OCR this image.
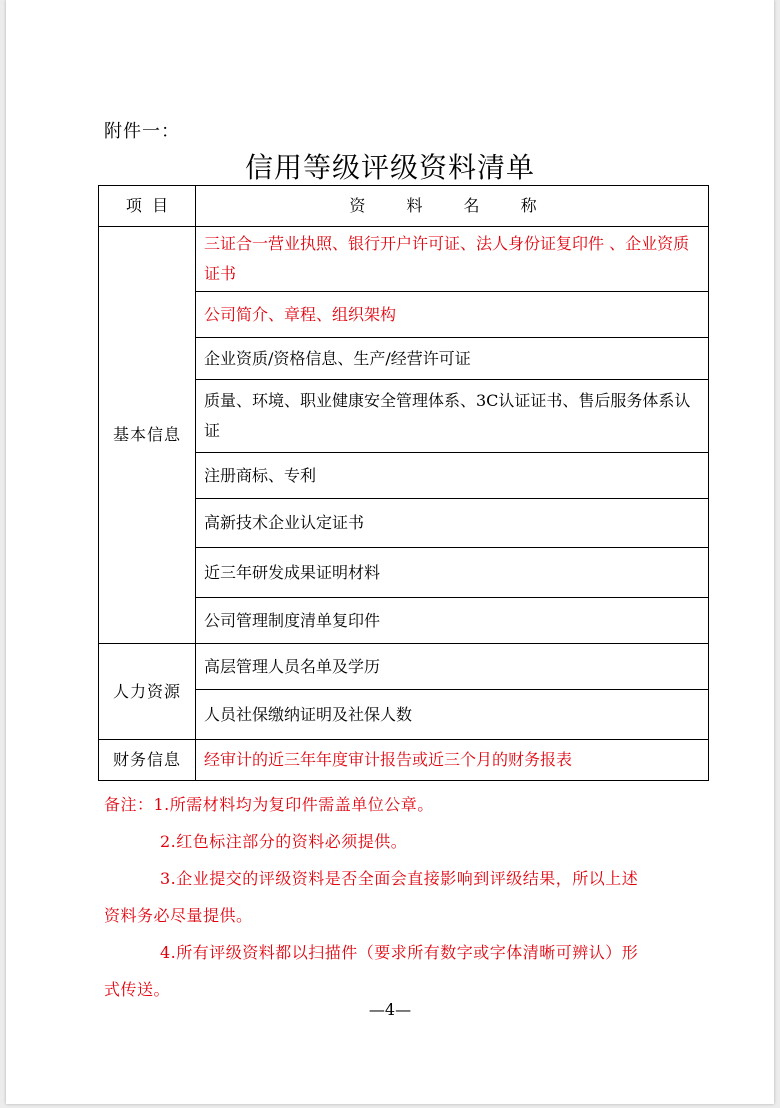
附件一：
信用等级评级资料清单
项  目	资 料 名 称
基本信息	三证合一营业执照、银行开户许可证、法人身份证复印件 、企业资质证书
	公司简介、章程、组织架构
	企业资质/资格信息、生产/经营许可证
	质量、环境、职业健康安全管理体系、3C认证证书、售后服务体系认证
	注册商标、专利
	高新技术企业认定证书
	近三年研发成果证明材料
	公司管理制度清单复印件
人力资源	高层管理人员名单及学历
	人员社保缴纳证明及社保人数
财务信息	经审计的近三年年度审计报告或近三个月的财务报表
备注：1.所需材料均为复印件需盖单位公章。
2.红色标注部分的资料必须提供。
3.企业提交的评级资料是否全面会直接影响到评级结果，所以上述
资料务必尽量提供。
4.所有评级资料都以扫描件（要求所有数字或字体清晰可辨认）形
式传送。
—4—
